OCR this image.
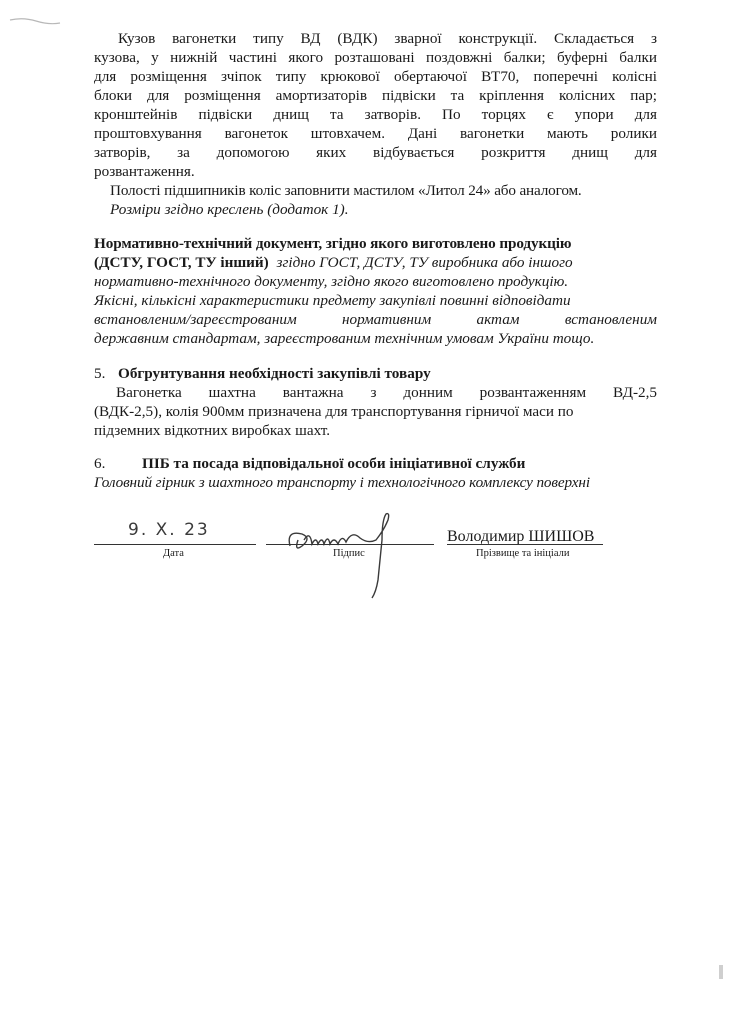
Кузов вагонетки типу ВД (ВДК) зварної конструкції. Складається з
кузова, у нижній частині якого розташовані поздовжні балки; буферні балки
для розміщення зчіпок типу крюкової обертаючої ВТ70, поперечні колісні
блоки для розміщення амортизаторів підвіски та кріплення колісних пар;
кронштейнів підвіски днищ та затворів. По торцях є упори для
проштовхування вагонеток штовхачем. Дані вагонетки мають ролики
затворів, за допомогою яких відбувається розкриття днищ для
розвантаження.
Полості підшипників коліс заповнити мастилом «Литол 24» або аналогом.
Розміри згідно креслень (додаток 1).
Нормативно-технічний документ, згідно якого виготовлено продукцію
(ДСТУ, ГОСТ, ТУ інший) згідно ГОСТ, ДСТУ, ТУ виробника або іншого
нормативно-технічного документу, згідно якого виготовлено продукцію.
Якісні, кількісні характеристики предмету закупівлі повинні відповідати
встановленим/зареєстрованим нормативним актам встановленим
державним стандартам, зареєстрованим технічним умовам України тощо.
5. Обгрунтування необхідності закупівлі товару
Вагонетка шахтна вантажна з донним розвантаженням ВД-2,5
(ВДК-2,5), колія 900мм призначена для транспортування гірничої маси по
підземних відкотних виробках шахт.
6. ПІБ та посада відповідальної особи ініціативної служби
Головний гірник з шахтного транспорту і технологічного комплексу поверхні
9. X. 23
Дата	Підпис
Володимир ШИШОВ
Прізвище та ініціали
